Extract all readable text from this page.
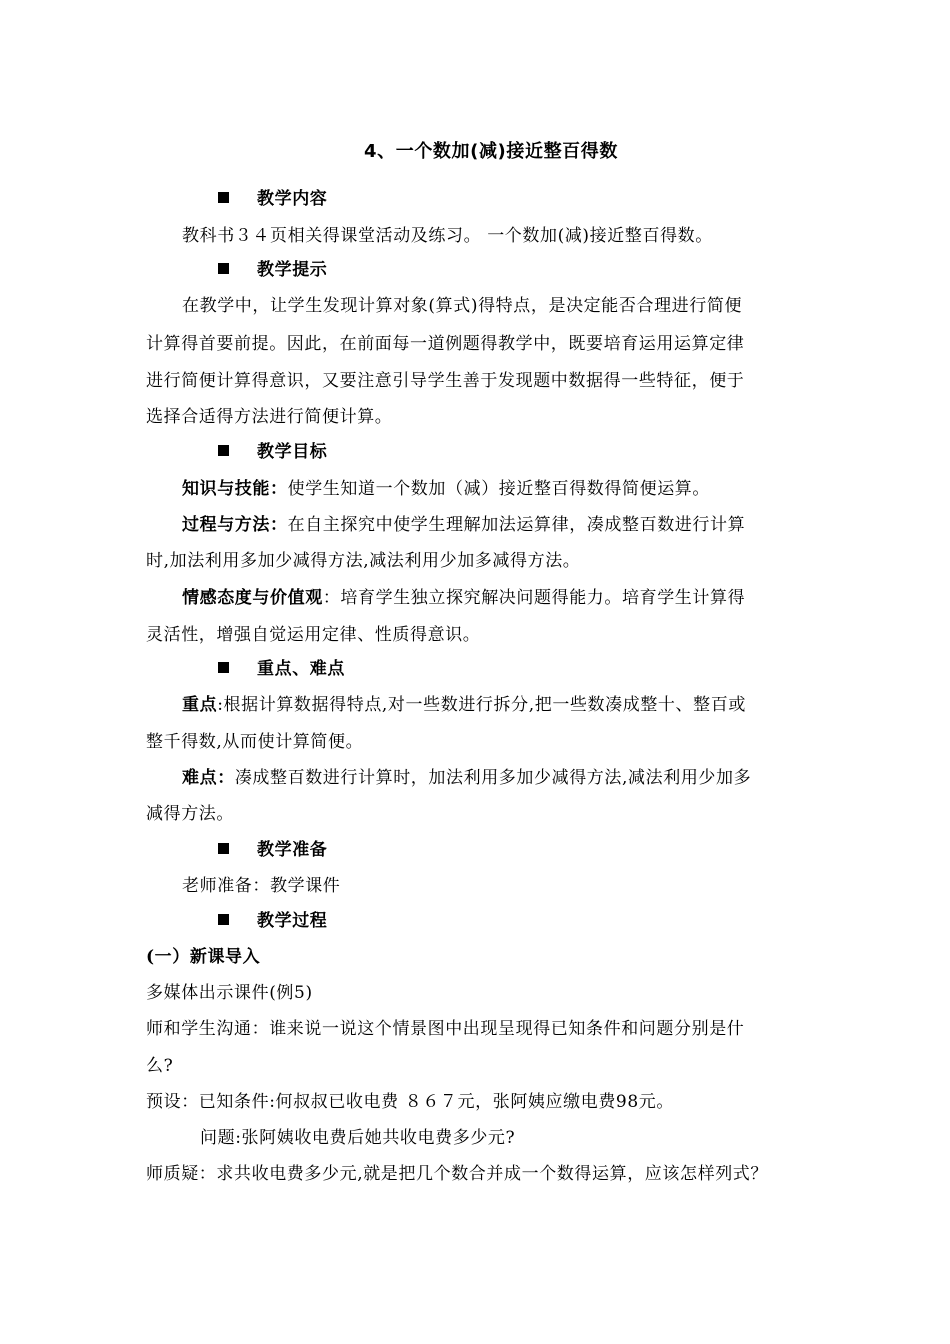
4、一个数加(减)接近整百得数
教学内容
教科书３４页相关得课堂活动及练习。 一个数加(减)接近整百得数。
教学提示
在教学中，让学生发现计算对象(算式)得特点，是决定能否合理进行简便
计算得首要前提。因此，在前面每一道例题得教学中，既要培育运用运算定律
进行简便计算得意识，又要注意引导学生善于发现题中数据得一些特征，便于
选择合适得方法进行简便计算。
教学目标
知识与技能：使学生知道一个数加（减）接近整百得数得简便运算。
过程与方法：在自主探究中使学生理解加法运算律，凑成整百数进行计算
时,加法利用多加少减得方法,减法利用少加多减得方法。
情感态度与价值观：培育学生独立探究解决问题得能力。培育学生计算得
灵活性，增强自觉运用定律、性质得意识。
重点、难点
重点:根据计算数据得特点,对一些数进行拆分,把一些数凑成整十、整百或
整千得数,从而使计算简便。
难点：凑成整百数进行计算时，加法利用多加少减得方法,减法利用少加多
减得方法。
教学准备
老师准备：教学课件
教学过程
(一）新课导入
多媒体出示课件(例5)
师和学生沟通：谁来说一说这个情景图中出现呈现得已知条件和问题分别是什
么?
预设：已知条件:何叔叔已收电费 ８６７元，张阿姨应缴电费98元。
问题:张阿姨收电费后她共收电费多少元?
师质疑：求共收电费多少元,就是把几个数合并成一个数得运算，应该怎样列式？
